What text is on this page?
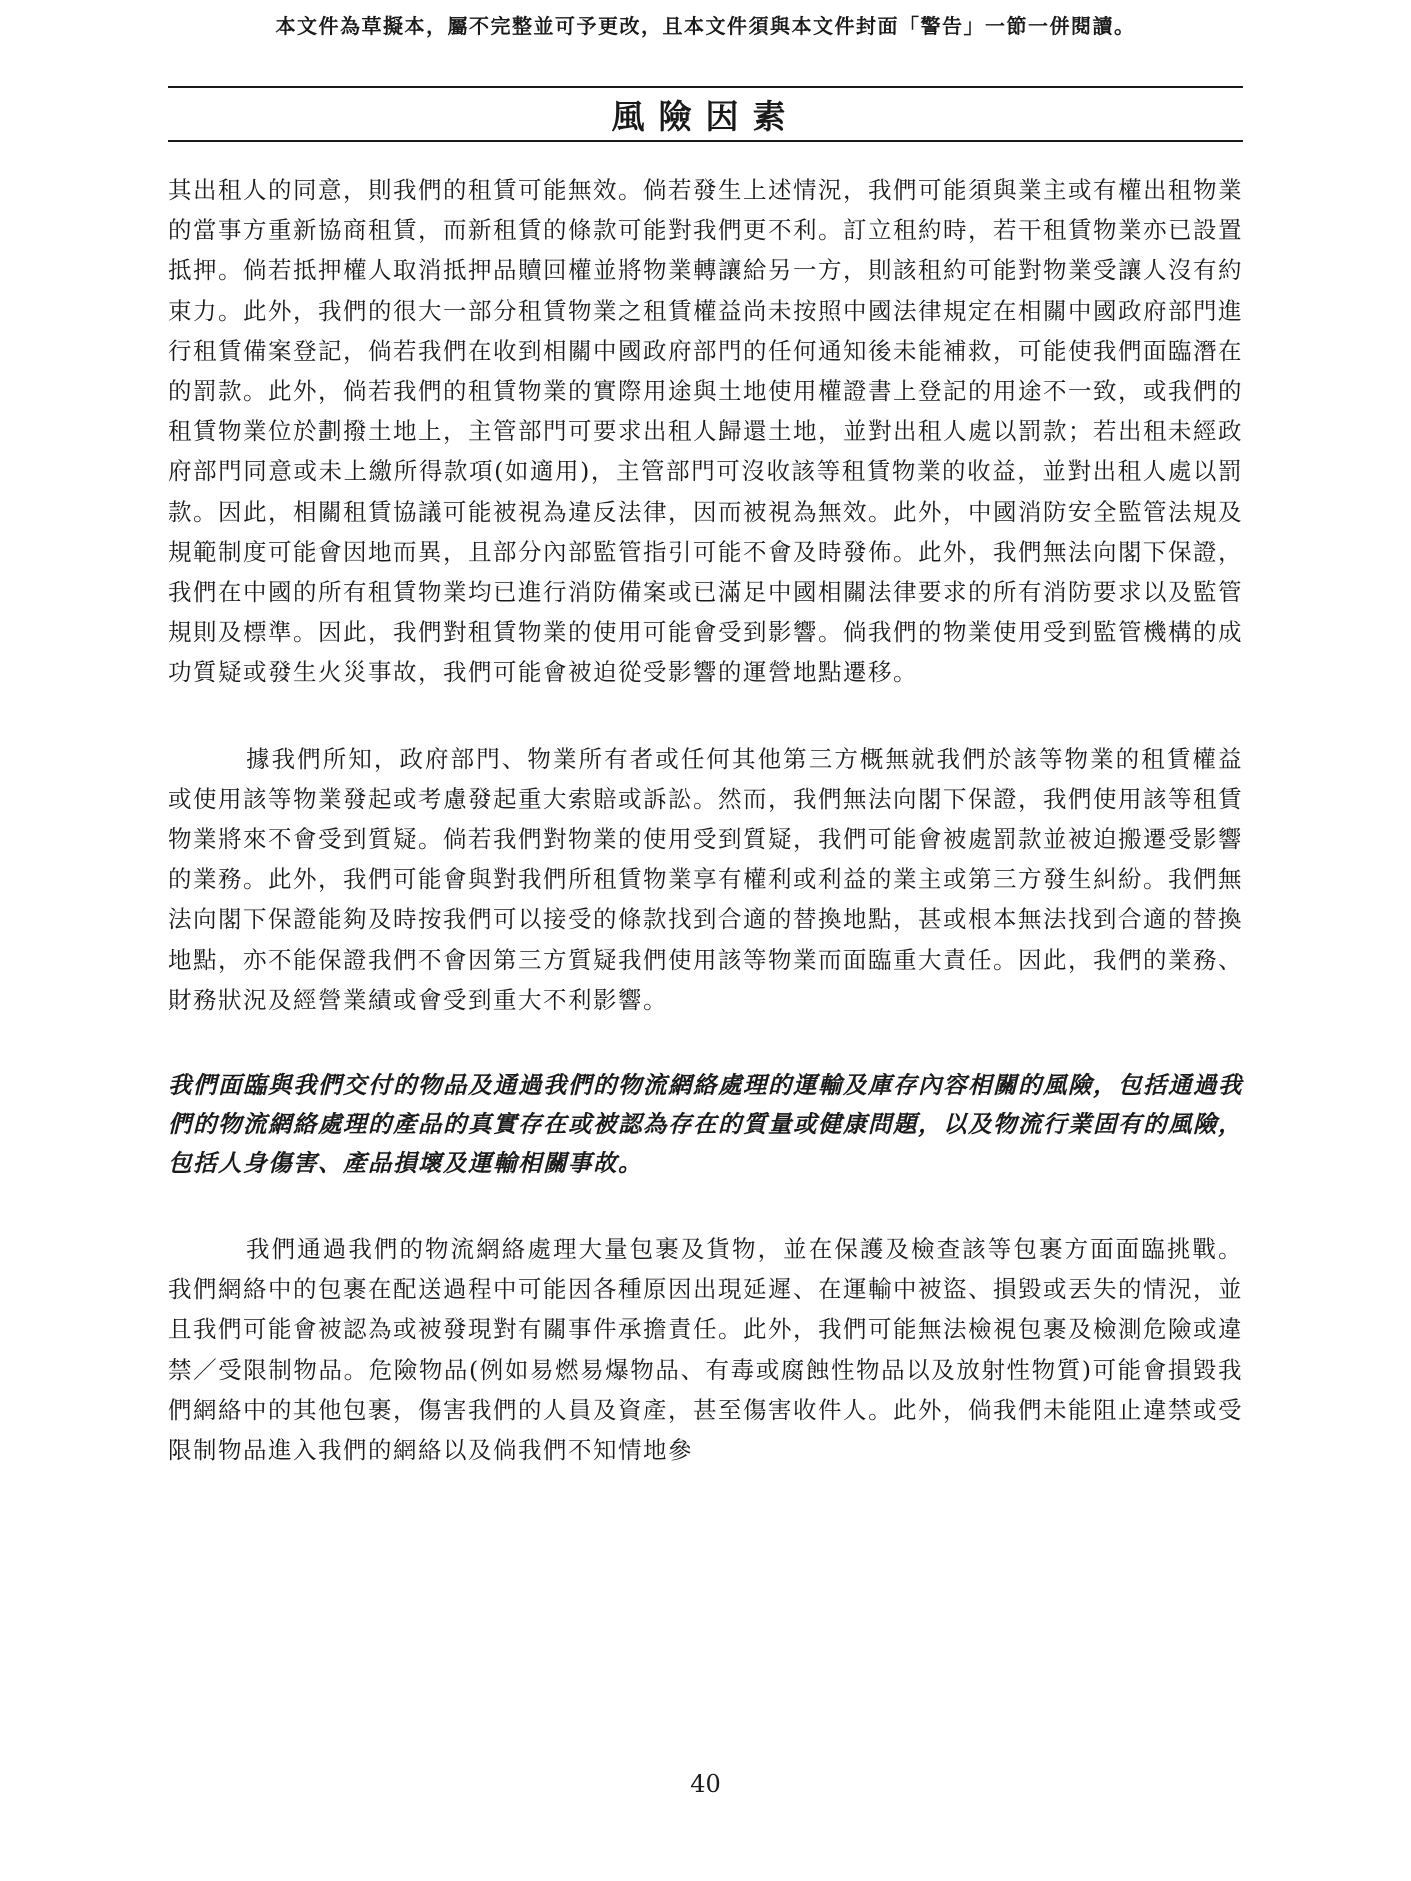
本文件為草擬本，屬不完整並可予更改，且本文件須與本文件封面「警告」一節一併閱讀。
風險因素

其出租人的同意，則我們的租賃可能無效。倘若發生上述情況，我們可能須與業主或有權出租物業的當事方重新協商租賃，而新租賃的條款可能對我們更不利。訂立租約時，若干租賃物業亦已設置抵押。倘若抵押權人取消抵押品贖回權並將物業轉讓給另一方，則該租約可能對物業受讓人沒有約束力。此外，我們的很大一部分租賃物業之租賃權益尚未按照中國法律規定在相關中國政府部門進行租賃備案登記，倘若我們在收到相關中國政府部門的任何通知後未能補救，可能使我們面臨潛在的罰款。此外，倘若我們的租賃物業的實際用途與土地使用權證書上登記的用途不一致，或我們的租賃物業位於劃撥土地上，主管部門可要求出租人歸還土地，並對出租人處以罰款；若出租未經政府部門同意或未上繳所得款項(如適用)，主管部門可沒收該等租賃物業的收益，並對出租人處以罰款。因此，相關租賃協議可能被視為違反法律，因而被視為無效。此外，中國消防安全監管法規及規範制度可能會因地而異，且部分內部監管指引可能不會及時發佈。此外，我們無法向閣下保證，我們在中國的所有租賃物業均已進行消防備案或已滿足中國相關法律要求的所有消防要求以及監管規則及標準。因此，我們對租賃物業的使用可能會受到影響。倘我們的物業使用受到監管機構的成功質疑或發生火災事故，我們可能會被迫從受影響的運營地點遷移。

據我們所知，政府部門、物業所有者或任何其他第三方概無就我們於該等物業的租賃權益或使用該等物業發起或考慮發起重大索賠或訴訟。然而，我們無法向閣下保證，我們使用該等租賃物業將來不會受到質疑。倘若我們對物業的使用受到質疑，我們可能會被處罰款並被迫搬遷受影響的業務。此外，我們可能會與對我們所租賃物業享有權利或利益的業主或第三方發生糾紛。我們無法向閣下保證能夠及時按我們可以接受的條款找到合適的替換地點，甚或根本無法找到合適的替換地點，亦不能保證我們不會因第三方質疑我們使用該等物業而面臨重大責任。因此，我們的業務、財務狀況及經營業績或會受到重大不利影響。

我們面臨與我們交付的物品及通過我們的物流網絡處理的運輸及庫存內容相關的風險，包括通過我們的物流網絡處理的產品的真實存在或被認為存在的質量或健康問題，以及物流行業固有的風險，包括人身傷害、產品損壞及運輸相關事故。

我們通過我們的物流網絡處理大量包裹及貨物，並在保護及檢查該等包裹方面面臨挑戰。我們網絡中的包裹在配送過程中可能因各種原因出現延遲、在運輸中被盜、損毀或丟失的情況，並且我們可能會被認為或被發現對有關事件承擔責任。此外，我們可能無法檢視包裹及檢測危險或違禁／受限制物品。危險物品(例如易燃易爆物品、有毒或腐蝕性物品以及放射性物質)可能會損毀我們網絡中的其他包裹，傷害我們的人員及資產，甚至傷害收件人。此外，倘我們未能阻止違禁或受限制物品進入我們的網絡以及倘我們不知情地參

40
